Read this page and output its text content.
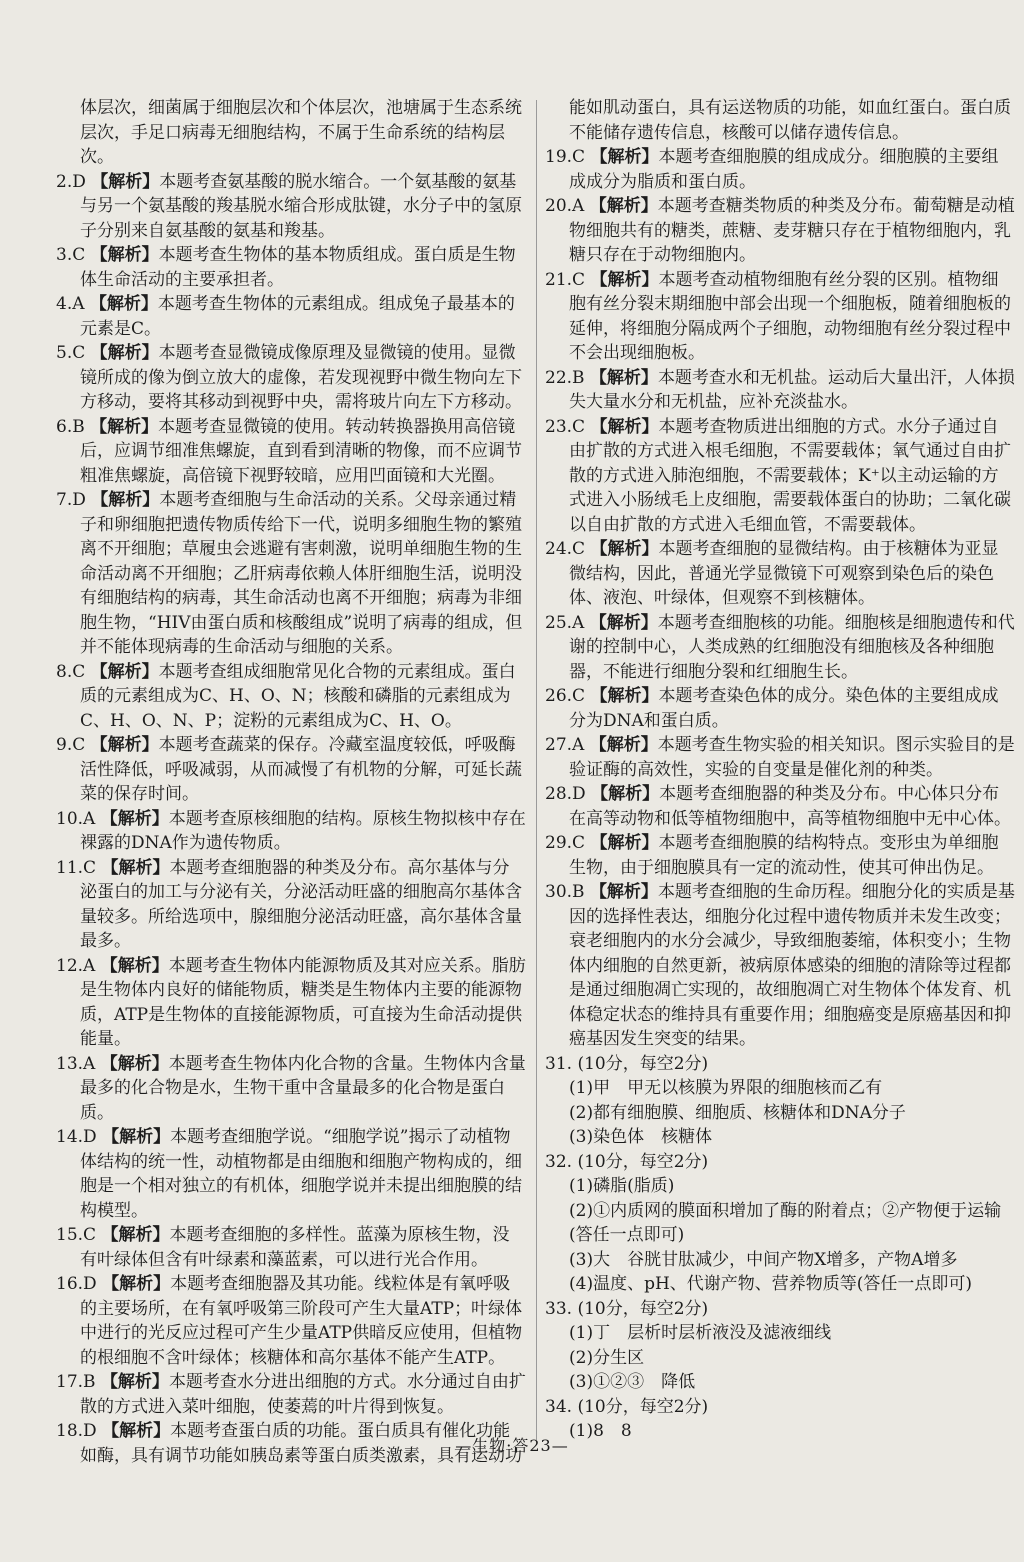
体层次，细菌属于细胞层次和个体层次，池塘属于生态系统层次，手足口病毒无细胞结构，不属于生命系统的结构层次。

2.D 【解析】本题考查氨基酸的脱水缩合。一个氨基酸的氨基与另一个氨基酸的羧基脱水缩合形成肽键，水分子中的氢原子分别来自氨基酸的氨基和羧基。

3.C 【解析】本题考查生物体的基本物质组成。蛋白质是生物体生命活动的主要承担者。

4.A 【解析】本题考查生物体的元素组成。组成兔子最基本的元素是C。

5.C 【解析】本题考查显微镜成像原理及显微镜的使用。显微镜所成的像为倒立放大的虚像，若发现视野中微生物向左下方移动，要将其移动到视野中央，需将玻片向左下方移动。

6.B 【解析】本题考查显微镜的使用。转动转换器换用高倍镜后，应调节细准焦螺旋，直到看到清晰的物像，而不应调节粗准焦螺旋，高倍镜下视野较暗，应用凹面镜和大光圈。

7.D 【解析】本题考查细胞与生命活动的关系。父母亲通过精子和卵细胞把遗传物质传给下一代，说明多细胞生物的繁殖离不开细胞；草履虫会逃避有害刺激，说明单细胞生物的生命活动离不开细胞；乙肝病毒依赖人体肝细胞生活，说明没有细胞结构的病毒，其生命活动也离不开细胞；病毒为非细胞生物，“HIV由蛋白质和核酸组成”说明了病毒的组成，但并不能体现病毒的生命活动与细胞的关系。

8.C 【解析】本题考查组成细胞常见化合物的元素组成。蛋白质的元素组成为C、H、O、N；核酸和磷脂的元素组成为C、H、O、N、P；淀粉的元素组成为C、H、O。

9.C 【解析】本题考查蔬菜的保存。冷藏室温度较低，呼吸酶活性降低，呼吸减弱，从而减慢了有机物的分解，可延长蔬菜的保存时间。

10.A 【解析】本题考查原核细胞的结构。原核生物拟核中存在裸露的DNA作为遗传物质。

11.C 【解析】本题考查细胞器的种类及分布。高尔基体与分泌蛋白的加工与分泌有关，分泌活动旺盛的细胞高尔基体含量较多。所给选项中，腺细胞分泌活动旺盛，高尔基体含量最多。

12.A 【解析】本题考查生物体内能源物质及其对应关系。脂肪是生物体内良好的储能物质，糖类是生物体内主要的能源物质，ATP是生物体的直接能源物质，可直接为生命活动提供能量。

13.A 【解析】本题考查生物体内化合物的含量。生物体内含量最多的化合物是水，生物干重中含量最多的化合物是蛋白质。

14.D 【解析】本题考查细胞学说。“细胞学说”揭示了动植物体结构的统一性，动植物都是由细胞和细胞产物构成的，细胞是一个相对独立的有机体，细胞学说并未提出细胞膜的结构模型。

15.C 【解析】本题考查细胞的多样性。蓝藻为原核生物，没有叶绿体但含有叶绿素和藻蓝素，可以进行光合作用。

16.D 【解析】本题考查细胞器及其功能。线粒体是有氧呼吸的主要场所，在有氧呼吸第三阶段可产生大量ATP；叶绿体中进行的光反应过程可产生少量ATP供暗反应使用，但植物的根细胞不含叶绿体；核糖体和高尔基体不能产生ATP。

17.B 【解析】本题考查水分进出细胞的方式。水分通过自由扩散的方式进入菜叶细胞，使萎蔫的叶片得到恢复。

18.D 【解析】本题考查蛋白质的功能。蛋白质具有催化功能如酶，具有调节功能如胰岛素等蛋白质类激素，具有运动功

能如肌动蛋白，具有运送物质的功能，如血红蛋白。蛋白质不能储存遗传信息，核酸可以储存遗传信息。

19.C 【解析】本题考查细胞膜的组成成分。细胞膜的主要组成成分为脂质和蛋白质。

20.A 【解析】本题考查糖类物质的种类及分布。葡萄糖是动植物细胞共有的糖类，蔗糖、麦芽糖只存在于植物细胞内，乳糖只存在于动物细胞内。

21.C 【解析】本题考查动植物细胞有丝分裂的区别。植物细胞有丝分裂末期细胞中部会出现一个细胞板，随着细胞板的延伸，将细胞分隔成两个子细胞，动物细胞有丝分裂过程中不会出现细胞板。

22.B 【解析】本题考查水和无机盐。运动后大量出汗，人体损失大量水分和无机盐，应补充淡盐水。

23.C 【解析】本题考查物质进出细胞的方式。水分子通过自由扩散的方式进入根毛细胞，不需要载体；氧气通过自由扩散的方式进入肺泡细胞，不需要载体；K⁺以主动运输的方式进入小肠绒毛上皮细胞，需要载体蛋白的协助；二氧化碳以自由扩散的方式进入毛细血管，不需要载体。

24.C 【解析】本题考查细胞的显微结构。由于核糖体为亚显微结构，因此，普通光学显微镜下可观察到染色后的染色体、液泡、叶绿体，但观察不到核糖体。

25.A 【解析】本题考查细胞核的功能。细胞核是细胞遗传和代谢的控制中心，人类成熟的红细胞没有细胞核及各种细胞器，不能进行细胞分裂和红细胞生长。

26.C 【解析】本题考查染色体的成分。染色体的主要组成成分为DNA和蛋白质。

27.A 【解析】本题考查生物实验的相关知识。图示实验目的是验证酶的高效性，实验的自变量是催化剂的种类。

28.D 【解析】本题考查细胞器的种类及分布。中心体只分布在高等动物和低等植物细胞中，高等植物细胞中无中心体。

29.C 【解析】本题考查细胞膜的结构特点。变形虫为单细胞生物，由于细胞膜具有一定的流动性，使其可伸出伪足。

30.B 【解析】本题考查细胞的生命历程。细胞分化的实质是基因的选择性表达，细胞分化过程中遗传物质并未发生改变；衰老细胞内的水分会减少，导致细胞萎缩，体积变小；生物体内细胞的自然更新，被病原体感染的细胞的清除等过程都是通过细胞凋亡实现的，故细胞凋亡对生物体个体发育、机体稳定状态的维持具有重要作用；细胞癌变是原癌基因和抑癌基因发生突变的结果。

31. (10分，每空2分)

(1)甲　甲无以核膜为界限的细胞核而乙有

(2)都有细胞膜、细胞质、核糖体和DNA分子

(3)染色体　核糖体

32. (10分，每空2分)

(1)磷脂(脂质)

(2)①内质网的膜面积增加了酶的附着点；②产物便于运输(答任一点即可)

(3)大　谷胱甘肽减少，中间产物X增多，产物A增多

(4)温度、pH、代谢产物、营养物质等(答任一点即可)

33. (10分，每空2分)

(1)丁　层析时层析液没及滤液细线

(2)分生区

(3)①②③　降低

34. (10分，每空2分)

(1)8　8

—生物·答23—
